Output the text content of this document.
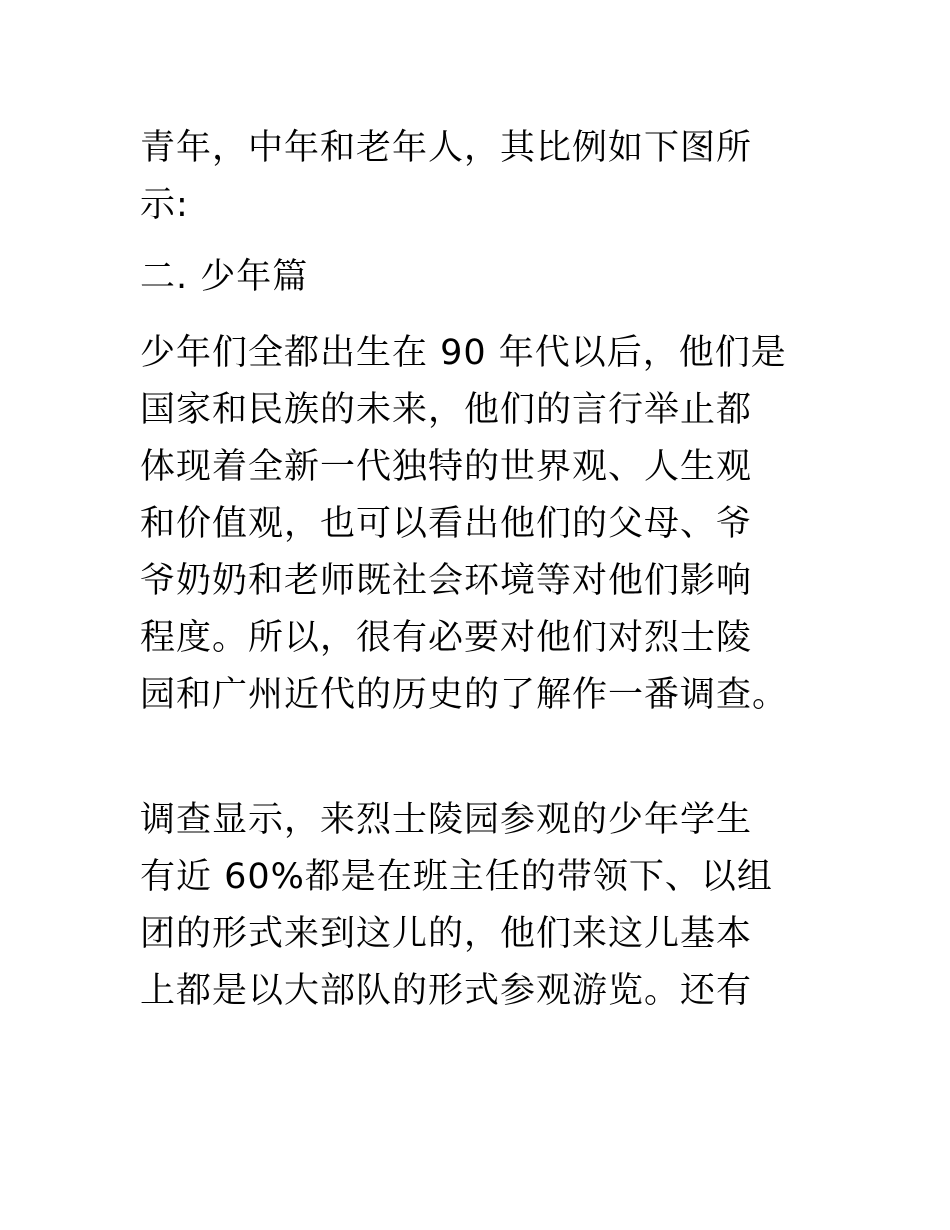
青年，中年和老年人，其比例如下图所
示:

二. 少年篇

少年们全都出生在 90 年代以后，他们是
国家和民族的未来，他们的言行举止都
体现着全新一代独特的世界观、人生观
和价值观，也可以看出他们的父母、爷
爷奶奶和老师既社会环境等对他们影响
程度。所以，很有必要对他们对烈士陵
园和广州近代的历史的了解作一番调查。

调查显示，来烈士陵园参观的少年学生
有近 60%都是在班主任的带领下、以组
团的形式来到这儿的，他们来这儿基本
上都是以大部队的形式参观游览。还有
